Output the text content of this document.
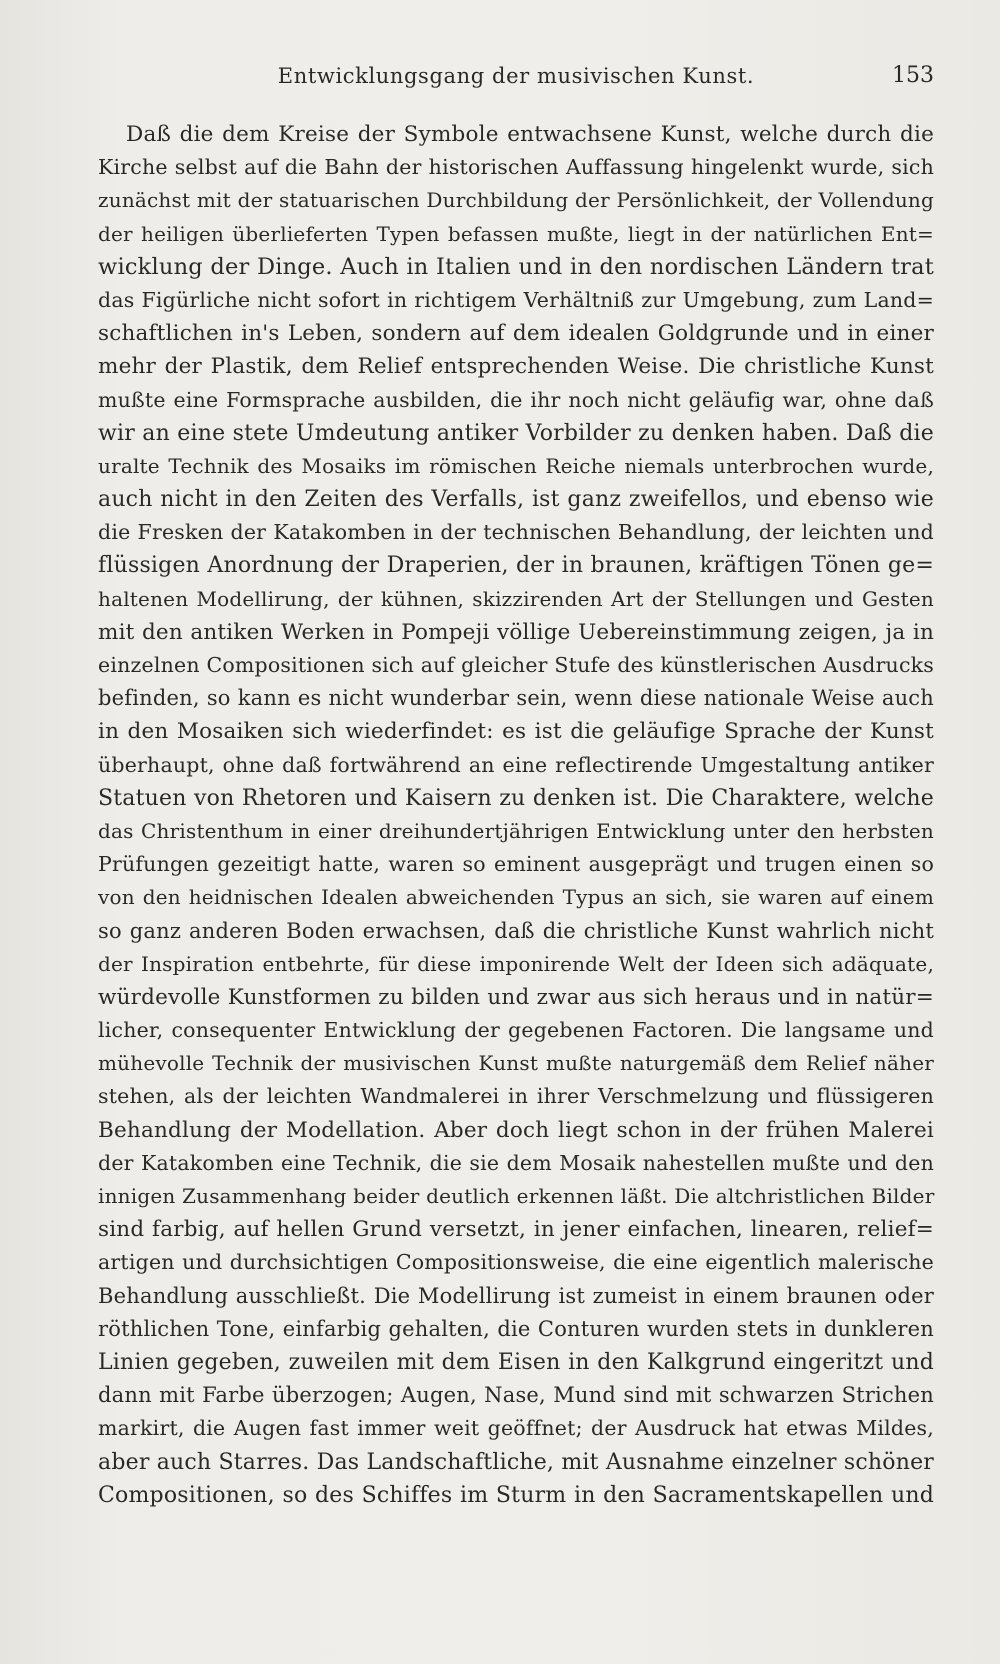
Entwicklungsgang der musivischen Kunst.	153
Daß die dem Kreise der Symbole entwachsene Kunst, welche durch die
Kirche selbst auf die Bahn der historischen Auffassung hingelenkt wurde, sich
zunächst mit der statuarischen Durchbildung der Persönlichkeit, der Vollendung
der heiligen überlieferten Typen befassen mußte, liegt in der natürlichen Ent=
wicklung der Dinge. Auch in Italien und in den nordischen Ländern trat
das Figürliche nicht sofort in richtigem Verhältniß zur Umgebung, zum Land=
schaftlichen in's Leben, sondern auf dem idealen Goldgrunde und in einer
mehr der Plastik, dem Relief entsprechenden Weise. Die christliche Kunst
mußte eine Formsprache ausbilden, die ihr noch nicht geläufig war, ohne daß
wir an eine stete Umdeutung antiker Vorbilder zu denken haben. Daß die
uralte Technik des Mosaiks im römischen Reiche niemals unterbrochen wurde,
auch nicht in den Zeiten des Verfalls, ist ganz zweifellos, und ebenso wie
die Fresken der Katakomben in der technischen Behandlung, der leichten und
flüssigen Anordnung der Draperien, der in braunen, kräftigen Tönen ge=
haltenen Modellirung, der kühnen, skizzirenden Art der Stellungen und Gesten
mit den antiken Werken in Pompeji völlige Uebereinstimmung zeigen, ja in
einzelnen Compositionen sich auf gleicher Stufe des künstlerischen Ausdrucks
befinden, so kann es nicht wunderbar sein, wenn diese nationale Weise auch
in den Mosaiken sich wiederfindet: es ist die geläufige Sprache der Kunst
überhaupt, ohne daß fortwährend an eine reflectirende Umgestaltung antiker
Statuen von Rhetoren und Kaisern zu denken ist. Die Charaktere, welche
das Christenthum in einer dreihundertjährigen Entwicklung unter den herbsten
Prüfungen gezeitigt hatte, waren so eminent ausgeprägt und trugen einen so
von den heidnischen Idealen abweichenden Typus an sich, sie waren auf einem
so ganz anderen Boden erwachsen, daß die christliche Kunst wahrlich nicht
der Inspiration entbehrte, für diese imponirende Welt der Ideen sich adäquate,
würdevolle Kunstformen zu bilden und zwar aus sich heraus und in natür=
licher, consequenter Entwicklung der gegebenen Factoren. Die langsame und
mühevolle Technik der musivischen Kunst mußte naturgemäß dem Relief näher
stehen, als der leichten Wandmalerei in ihrer Verschmelzung und flüssigeren
Behandlung der Modellation. Aber doch liegt schon in der frühen Malerei
der Katakomben eine Technik, die sie dem Mosaik nahestellen mußte und den
innigen Zusammenhang beider deutlich erkennen läßt. Die altchristlichen Bilder
sind farbig, auf hellen Grund versetzt, in jener einfachen, linearen, relief=
artigen und durchsichtigen Compositionsweise, die eine eigentlich malerische
Behandlung ausschließt. Die Modellirung ist zumeist in einem braunen oder
röthlichen Tone, einfarbig gehalten, die Conturen wurden stets in dunkleren
Linien gegeben, zuweilen mit dem Eisen in den Kalkgrund eingeritzt und
dann mit Farbe überzogen; Augen, Nase, Mund sind mit schwarzen Strichen
markirt, die Augen fast immer weit geöffnet; der Ausdruck hat etwas Mildes,
aber auch Starres. Das Landschaftliche, mit Ausnahme einzelner schöner
Compositionen, so des Schiffes im Sturm in den Sacramentskapellen und
